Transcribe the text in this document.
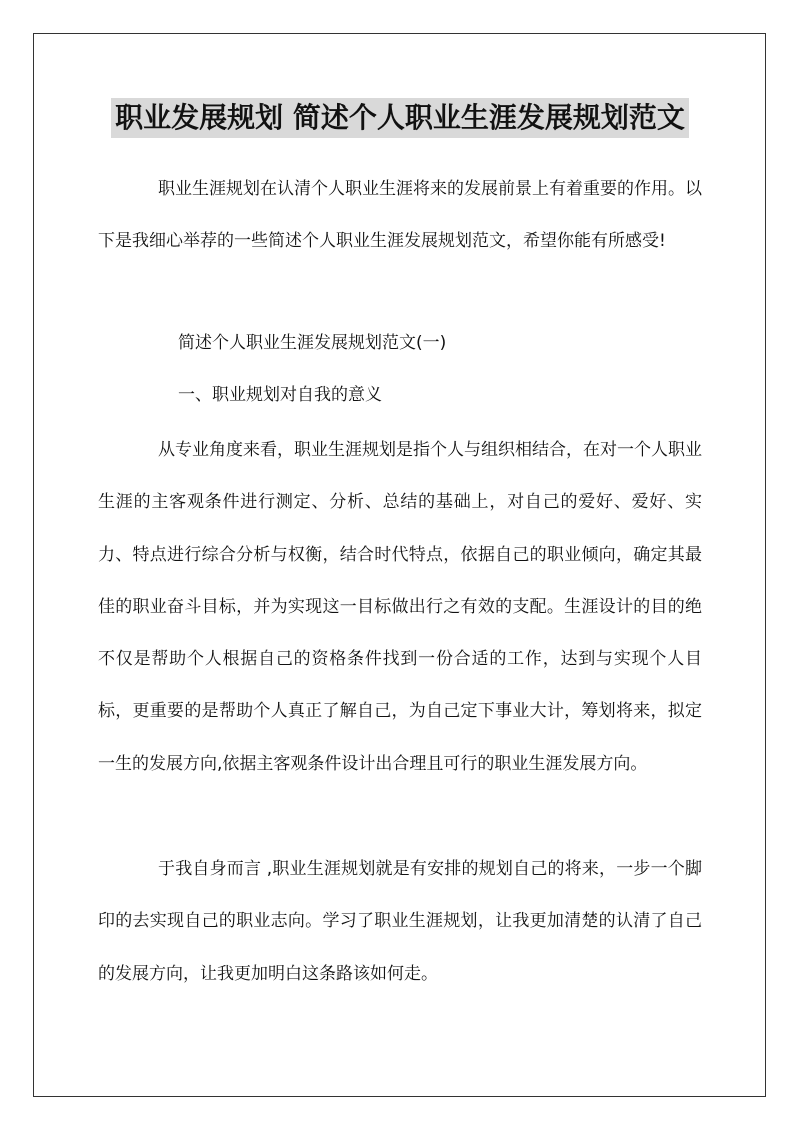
职业发展规划 简述个人职业生涯发展规划范文

职业生涯规划在认清个人职业生涯将来的发展前景上有着重要的作用。以下是我细心举荐的一些简述个人职业生涯发展规划范文，希望你能有所感受!

简述个人职业生涯发展规划范文(一)

一、职业规划对自我的意义

从专业角度来看，职业生涯规划是指个人与组织相结合，在对一个人职业生涯的主客观条件进行测定、分析、总结的基础上，对自己的爱好、爱好、实力、特点进行综合分析与权衡，结合时代特点，依据自己的职业倾向，确定其最佳的职业奋斗目标，并为实现这一目标做出行之有效的支配。生涯设计的目的绝不仅是帮助个人根据自己的资格条件找到一份合适的工作，达到与实现个人目标，更重要的是帮助个人真正了解自己，为自己定下事业大计，筹划将来，拟定一生的发展方向,依据主客观条件设计出合理且可行的职业生涯发展方向。

于我自身而言 ,职业生涯规划就是有安排的规划自己的将来，一步一个脚印的去实现自己的职业志向。学习了职业生涯规划，让我更加清楚的认清了自己的发展方向，让我更加明白这条路该如何走。
